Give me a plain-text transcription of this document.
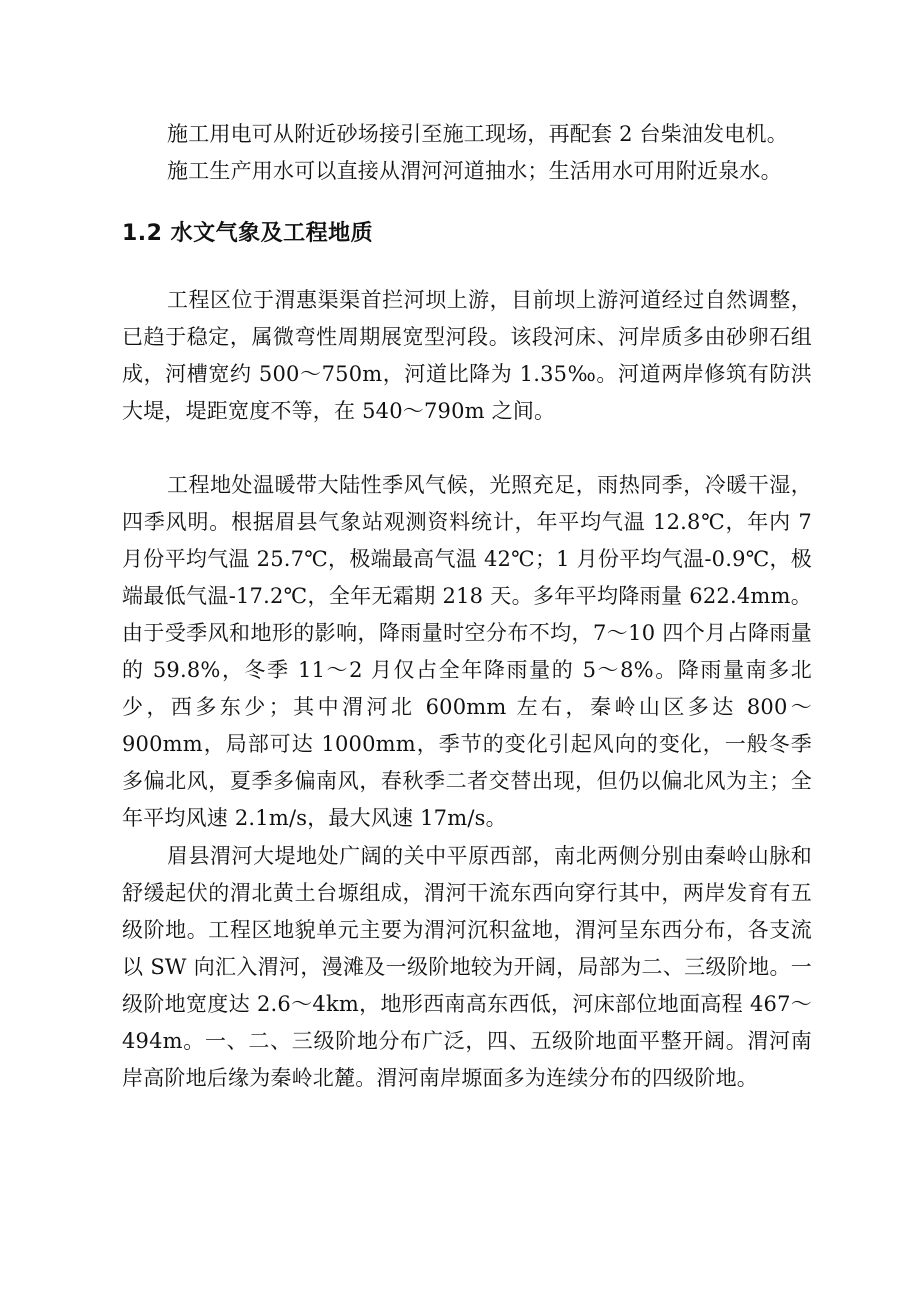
施工用电可从附近砂场接引至施工现场，再配套 2 台柴油发电机。

施工生产用水可以直接从渭河河道抽水；生活用水可用附近泉水。

1.2 水文气象及工程地质

工程区位于渭惠渠渠首拦河坝上游，目前坝上游河道经过自然调整，已趋于稳定，属微弯性周期展宽型河段。该段河床、河岸质多由砂卵石组成，河槽宽约 500～750m，河道比降为 1.35‰。河道两岸修筑有防洪大堤，堤距宽度不等，在 540～790m 之间。

工程地处温暖带大陆性季风气候，光照充足，雨热同季，冷暖干湿，四季风明。根据眉县气象站观测资料统计，年平均气温 12.8℃，年内 7 月份平均气温 25.7℃，极端最高气温 42℃；1 月份平均气温-0.9℃，极端最低气温-17.2℃，全年无霜期 218 天。多年平均降雨量 622.4mm。由于受季风和地形的影响，降雨量时空分布不均，7～10 四个月占降雨量的 59.8%，冬季 11～2 月仅占全年降雨量的 5～8%。降雨量南多北少，西多东少；其中渭河北 600mm 左右，秦岭山区多达 800～900mm，局部可达 1000mm，季节的变化引起风向的变化，一般冬季多偏北风，夏季多偏南风，春秋季二者交替出现，但仍以偏北风为主；全年平均风速 2.1m/s，最大风速 17m/s。

眉县渭河大堤地处广阔的关中平原西部，南北两侧分别由秦岭山脉和舒缓起伏的渭北黄土台塬组成，渭河干流东西向穿行其中，两岸发育有五级阶地。工程区地貌单元主要为渭河沉积盆地，渭河呈东西分布，各支流以 SW 向汇入渭河，漫滩及一级阶地较为开阔，局部为二、三级阶地。一级阶地宽度达 2.6～4km，地形西南高东西低，河床部位地面高程 467～494m。一、二、三级阶地分布广泛，四、五级阶地面平整开阔。渭河南岸高阶地后缘为秦岭北麓。渭河南岸塬面多为连续分布的四级阶地。
